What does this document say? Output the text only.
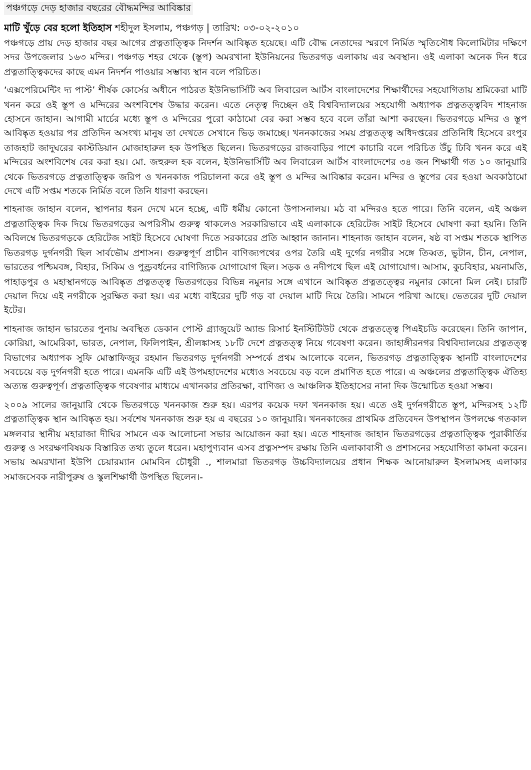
পঞ্চগড়ে দেড় হাজার বছরের বৌদ্ধমন্দির আবিষ্কার
মাটি খুঁড়ে বের হলো ইতিহাস শহীদুল ইসলাম, পঞ্চগড় | তারিখ: ০৩-০২-২০১০

পঞ্চগড়ে প্রায় দেড় হাজার বছর আগের প্রত্নতাত্ত্বিক নিদর্শন আবিষ্কৃত হয়েছে। এটি বৌদ্ধ নেতাদের স্মরণে নির্মিত স্মৃতিসৌধ কিলোমিটার দক্ষিণে সদর উপজেলার ১৬৩ মন্দির। পঞ্চগড় শহর থেকে (স্তূপ) অমরখানা ইউনিয়নের ভিতরগড় এলাকায় এর অবস্থান। ওই এলাকা অনেক দিন ধরে প্রত্নতাত্ত্বিকদের কাছে এমন নিদর্শন পাওয়ার সম্ভাব্য স্থান বলে পরিচিত।

‘এক্সপেরিমেন্টিং দ্য পাস্ট’ শীর্ষক কোর্সের অধীনে পাঠরত ইউনিভার্সিটি অব লিবারেল আর্টস বাংলাদেশের শিক্ষার্থীদের সহযোগিতায় শ্রমিকেরা মাটি খনন করে ওই স্তূপ ও মন্দিরের অংশবিশেষ উদ্ধার করেন। এতে নেতৃত্ব দিচ্ছেন ওই বিশ্ববিদ্যালয়ের সহযোগী অধ্যাপক প্রত্নতত্ত্ববিদ শাহনাজ হোসনে জাহান। আগামী মার্চের মধ্যে স্তূপ ও মন্দিরের পুরো কাঠামো বের করা সম্ভব হবে বলে তাঁরা আশা করছেন। ভিতরগড়ে মন্দির ও স্তূপ আবিষ্কৃত হওয়ার পর প্রতিদিন অসংখ্য মানুষ তা দেখতে সেখানে ভিড় জমাচ্ছে। খননকাজের সময় প্রত্নতত্ত্ব অধিদপ্তরের প্রতিনিধি হিসেবে রংপুর তাজহাট জাদুঘরের কাস্টডিয়ান মোজাহারুল হক উপস্থিত ছিলেন। ভিতরগড়ের রাজবাড়ির পাশে কাচারি বলে পরিচিত উঁচু ঢিবি খনন করে এই মন্দিরের অংশবিশেষ বের করা হয়। মো. জহুরুল হক বলেন, ইউনিভার্সিটি অব লিবারেল আর্টস বাংলাদেশের ৩৪ জন শিক্ষার্থী গত ১০ জানুয়ারি থেকে ভিতরগড়ে প্রত্নতাত্ত্বিক জরিপ ও খননকাজ পরিচালনা করে ওই স্তূপ ও মন্দির আবিষ্কার করেন। মন্দির ও স্তূপের বের হওয়া অবকাঠামো দেখে এটি সপ্তম শতকে নির্মিত বলে তিনি ধারণা করছেন।

শাহনাজ জাহান বলেন, স্থাপনার ধরন দেখে মনে হচ্ছে, এটি ধর্মীয় কোনো উপাসনালয়। মঠ বা মন্দিরও হতে পারে। তিনি বলেন, এই অঞ্চল প্রত্নতাত্ত্বিক দিক দিয়ে ভিতরগড়ের অপরিসীম গুরুত্ব থাকলেও সরকারিভাবে এই এলাকাকে হেরিটেজ সাইট হিসেবে ঘোষণা করা হয়নি। তিনি অবিলম্বে ভিতরগড়কে হেরিটেজ সাইট হিসেবে ঘোষণা দিতে সরকারের প্রতি আহ্বান জানান। শাহনাজ জাহান বলেন, ষষ্ঠ বা সপ্তম শতকে স্থাপিত ভিতরগড় দুর্গনগরী ছিল সার্বভৌম প্রশাসন। গুরুত্বপূর্ণ প্রাচীন বাণিজ্যপথের ওপর তৈরি এই দুর্গের নগরীর সঙ্গে তিব্বত, ভুটান, চীন, নেপাল, ভারতের পশ্চিমবঙ্গ, বিহার, সিকিম ও পুণ্ড্রবর্ধনের বাণিজ্যিক যোগাযোগ ছিল। সড়ক ও নদীপথে ছিল এই যোগাযোগ। আসাম, কুচবিহার, ময়নামতি, পাহাড়পুর ও মহাস্থানগড়ে আবিষ্কৃত প্রত্নতত্ত্ব ভিতরগড়ের বিভিন্ন নমুনার সঙ্গে এখানে আবিষ্কৃত প্রত্নতত্ত্বের নমুনার কোনো মিল নেই। চারটি দেয়াল দিয়ে এই নগরীকে সুরক্ষিত করা হয়। এর মধ্যে বাইরের দুটি গড় বা দেয়াল মাটি দিয়ে তৈরি। সামনে পরিখা আছে। ভেতরের দুটি দেয়াল ইটের।

শাহনাজ জাহান ভারতের পুনায় অবস্থিত ডেকান পোস্ট গ্র্যাজুয়েট অ্যান্ড রিসার্চ ইনস্টিটিউট থেকে প্রত্নতত্ত্বে পিএইচডি করেছেন। তিনি জাপান, কোরিয়া, আমেরিকা, ভারত, নেপাল, ফিলিপাইন, শ্রীলঙ্কাসহ ১৮টি দেশে প্রত্নতত্ত্ব নিয়ে গবেষণা করেন। জাহাঙ্গীরনগর বিশ্ববিদ্যালয়ের প্রত্নতত্ত্ব বিভাগের অধ্যাপক সুফি মোস্তাফিজুর রহমান ভিতরগড় দুর্গনগরী সম্পর্কে প্রথম আলোকে বলেন, ভিতরগড় প্রত্নতাত্ত্বিক স্থানটি বাংলাদেশের সবচেয়ে বড় দুর্গনগরী হতে পারে। এমনকি এটি এই উপমহাদেশের মধ্যেও সবচেয়ে বড় বলে প্রমাণিত হতে পারে। এ অঞ্চলের প্রত্নতাত্ত্বিক ঐতিহ্য অত্যন্ত গুরুত্বপূর্ণ। প্রত্নতাত্ত্বিক গবেষণার মাধ্যমে এখানকার প্রতিরক্ষা, বাণিজ্য ও আঞ্চলিক ইতিহাসের নানা দিক উন্মোচিত হওয়া সম্ভব।

২০০৯ সালের জানুয়ারি থেকে ভিতরগড়ে খননকাজ শুরু হয়। এরপর কয়েক দফা খননকাজ হয়। এতে ওই দুর্গনগরীতে স্তূপ, মন্দিরসহ ১২টি প্রত্নতাত্ত্বিক স্থান আবিষ্কৃত হয়। সর্বশেষ খননকাজ শুরু হয় এ বছরের ১০ জানুয়ারি। খননকাজের প্রাথমিক প্রতিবেদন উপস্থাপন উপলক্ষে গতকাল মঙ্গলবার স্থানীয় মহারাজা দীঘির সামনে এক আলোচনা সভার আয়োজন করা হয়। এতে শাহনাজ জাহান ভিতরগড়ের প্রত্নতাত্ত্বিক পুরাকীর্তির গুরুত্ব ও সংরক্ষণবিষয়ক বিস্তারিত তথ্য তুলে ধরেন। মহাপুণ্যবান এসব প্রত্নসম্পদ রক্ষায় তিনি এলাকাবাসী ও প্রশাসনের সহযোগিতা কামনা করেন। সভায় অমরখানা ইউপি চেয়ারম্যান মোমবিন চৌধুরী ., শালমারা ভিতরগড় উচ্চবিদ্যালয়ের প্রধান শিক্ষক আনোয়ারুল ইসলামসহ এলাকার সমাজসেবক নারীপুরুষ ও স্কুলশিক্ষার্থী উপস্থিত ছিলেন।-
